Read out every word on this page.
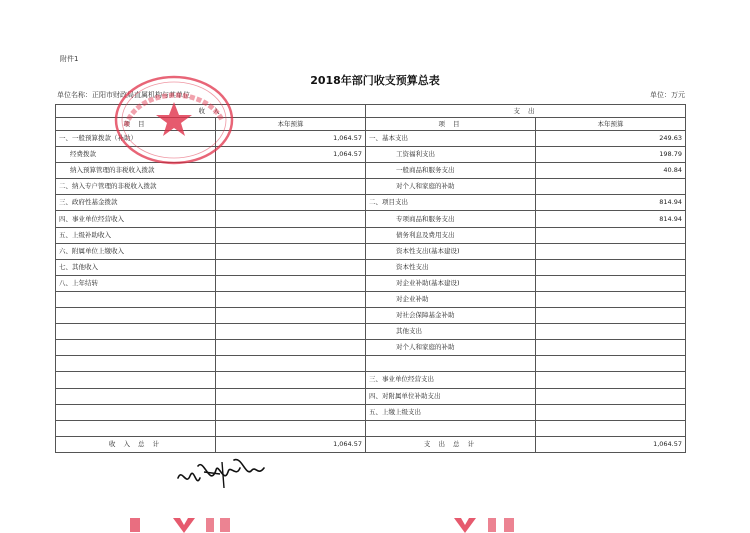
附件1
2018年部门收支预算总表
单位名称：正阳市财政局直属机构与其单位	单位：万元
收 入		支 出	
项 目	本年预算	项 目	本年预算
一、一般预算拨款（补助）	1,064.57	一、基本支出	249.63
经费拨款	1,064.57	工资福利支出	198.79
纳入预算管理的非税收入拨款		一般商品和服务支出	40.84
二、纳入专户管理的非税收入拨款		对个人和家庭的补助	
三、政府性基金拨款		二、项目支出	814.94
四、事业单位经营收入		专项商品和服务支出	814.94
五、上级补助收入		债务利息及费用支出	
六、附属单位上缴收入		资本性支出(基本建设)	
七、其他收入		资本性支出	
八、上年结转		对企业补助(基本建设)	
		对企业补助	
		对社会保障基金补助	
		其他支出	
		对个人和家庭的补助	

		三、事业单位经营支出	
		四、对附属单位补助支出	
		五、上缴上级支出	

收 入 总 计	1,064.57	支 出 总 计	1,064.57
